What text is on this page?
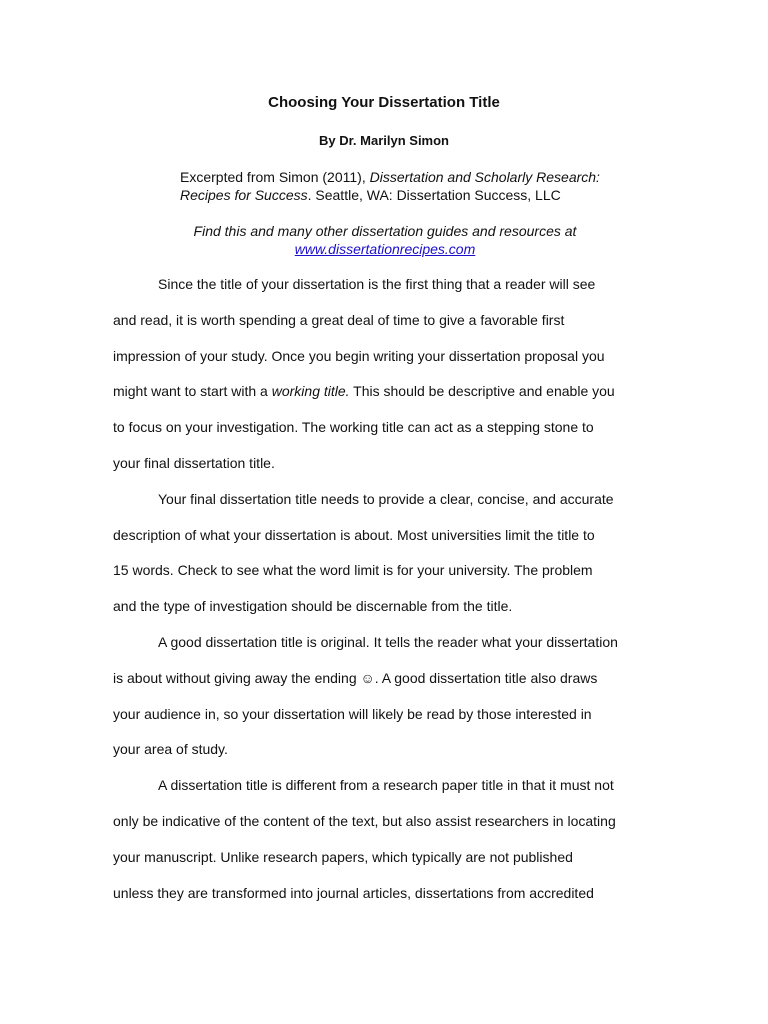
Choosing Your Dissertation Title
By Dr. Marilyn Simon
Excerpted from Simon (2011), Dissertation and Scholarly Research:
Recipes for Success. Seattle, WA: Dissertation Success, LLC
Find this and many other dissertation guides and resources at
www.dissertationrecipes.com
Since the title of your dissertation is the first thing that a reader will see
and read, it is worth spending a great deal of time to give a favorable first
impression of your study. Once you begin writing your dissertation proposal you
might want to start with a working title. This should be descriptive and enable you
to focus on your investigation. The working title can act as a stepping stone to
your final dissertation title.
Your final dissertation title needs to provide a clear, concise, and accurate
description of what your dissertation is about. Most universities limit the title to
15 words. Check to see what the word limit is for your university. The problem
and the type of investigation should be discernable from the title.
A good dissertation title is original. It tells the reader what your dissertation
is about without giving away the ending ☺. A good dissertation title also draws
your audience in, so your dissertation will likely be read by those interested in
your area of study.
A dissertation title is different from a research paper title in that it must not
only be indicative of the content of the text, but also assist researchers in locating
your manuscript. Unlike research papers, which typically are not published
unless they are transformed into journal articles, dissertations from accredited
